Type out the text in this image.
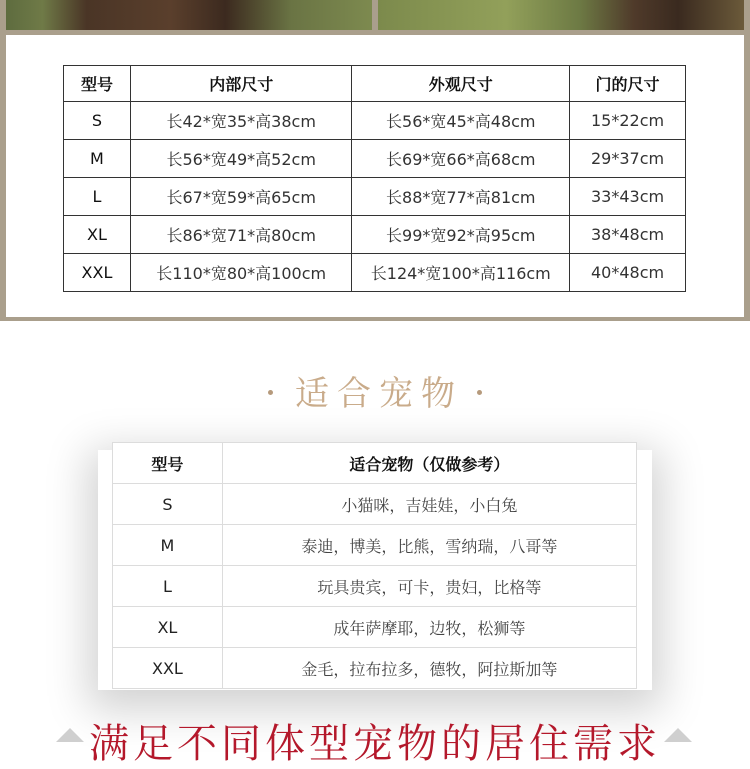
型号	内部尺寸	外观尺寸	门的尺寸
S	长42*宽35*高38cm	长56*宽45*高48cm	15*22cm
M	长56*宽49*高52cm	长69*宽66*高68cm	29*37cm
L	长67*宽59*高65cm	长88*宽77*高81cm	33*43cm
XL	长86*宽71*高80cm	长99*宽92*高95cm	38*48cm
XXL	长110*宽80*高100cm	长124*宽100*高116cm	40*48cm
适合宠物
型号	适合宠物（仅做参考）
S	小猫咪，吉娃娃，小白兔
M	泰迪，博美，比熊，雪纳瑞，八哥等
L	玩具贵宾，可卡，贵妇，比格等
XL	成年萨摩耶，边牧，松狮等
XXL	金毛，拉布拉多，德牧，阿拉斯加等
满足不同体型宠物的居住需求
